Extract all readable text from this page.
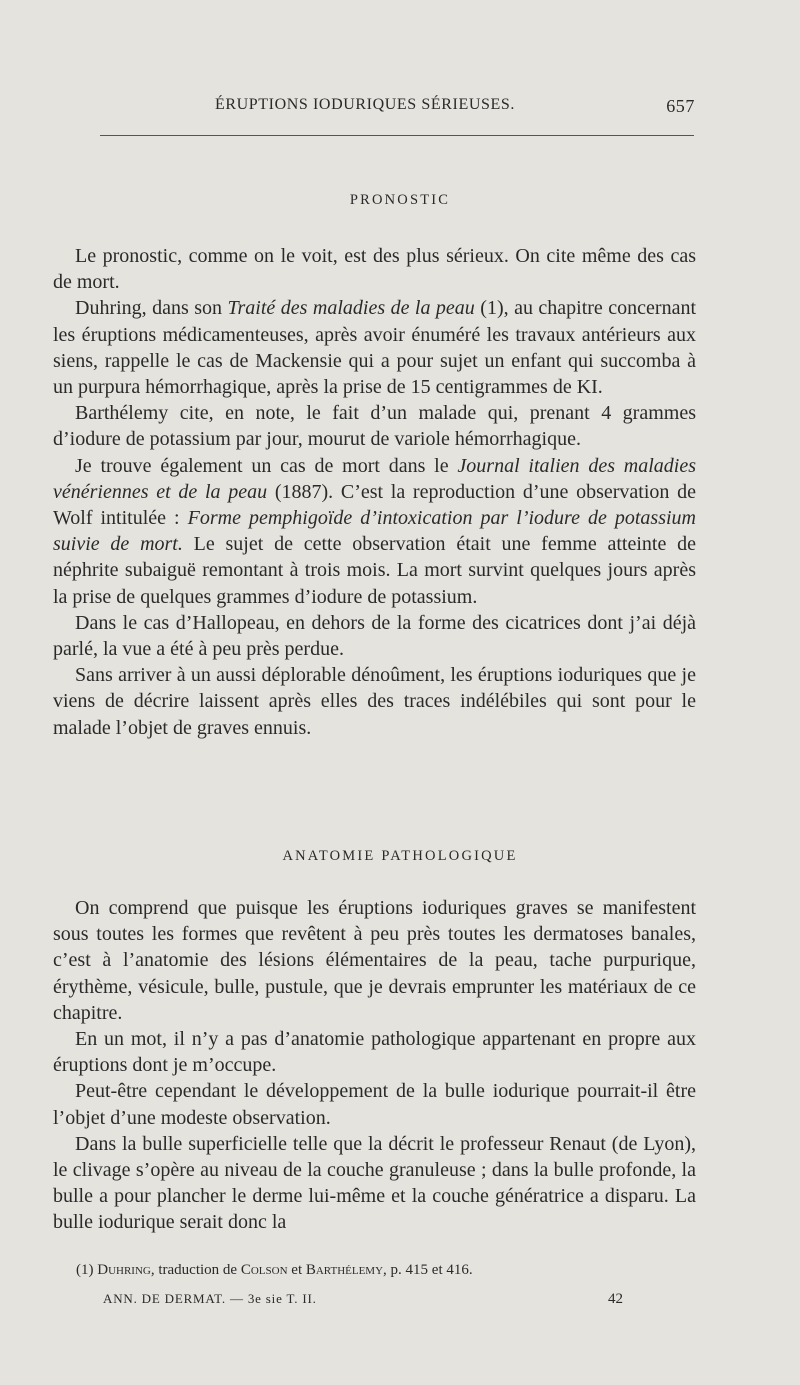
ÉRUPTIONS IODURIQUES SÉRIEUSES.	657
PRONOSTIC

Le pronostic, comme on le voit, est des plus sérieux. On cite même des cas de mort.

Duhring, dans son Traité des maladies de la peau (1), au chapitre concernant les éruptions médicamenteuses, après avoir énuméré les travaux antérieurs aux siens, rappelle le cas de Mackensie qui a pour sujet un enfant qui succomba à un purpura hémorrhagique, après la prise de 15 centigrammes de KI.

Barthélemy cite, en note, le fait d’un malade qui, prenant 4 grammes d’iodure de potassium par jour, mourut de variole hémorrhagique.

Je trouve également un cas de mort dans le Journal italien des maladies vénériennes et de la peau (1887). C’est la reproduction d’une observation de Wolf intitulée : Forme pemphigoïde d’intoxication par l’iodure de potassium suivie de mort. Le sujet de cette observation était une femme atteinte de néphrite subaiguë remontant à trois mois. La mort survint quelques jours après la prise de quelques grammes d’iodure de potassium.

Dans le cas d’Hallopeau, en dehors de la forme des cicatrices dont j’ai déjà parlé, la vue a été à peu près perdue.

Sans arriver à un aussi déplorable dénoûment, les éruptions ioduriques que je viens de décrire laissent après elles des traces indélébiles qui sont pour le malade l’objet de graves ennuis.

ANATOMIE PATHOLOGIQUE

On comprend que puisque les éruptions ioduriques graves se manifestent sous toutes les formes que revêtent à peu près toutes les dermatoses banales, c’est à l’anatomie des lésions élémentaires de la peau, tache purpurique, érythème, vésicule, bulle, pustule, que je devrais emprunter les matériaux de ce chapitre.

En un mot, il n’y a pas d’anatomie pathologique appartenant en propre aux éruptions dont je m’occupe.

Peut-être cependant le développement de la bulle iodurique pourrait-il être l’objet d’une modeste observation.

Dans la bulle superficielle telle que la décrit le professeur Renaut (de Lyon), le clivage s’opère au niveau de la couche granuleuse ; dans la bulle profonde, la bulle a pour plancher le derme lui-même et la couche génératrice a disparu. La bulle iodurique serait donc la

(1) Duhring, traduction de Colson et Barthélemy, p. 415 et 416.
ANN. DE DERMAT. — 3e sie T. II.	42
